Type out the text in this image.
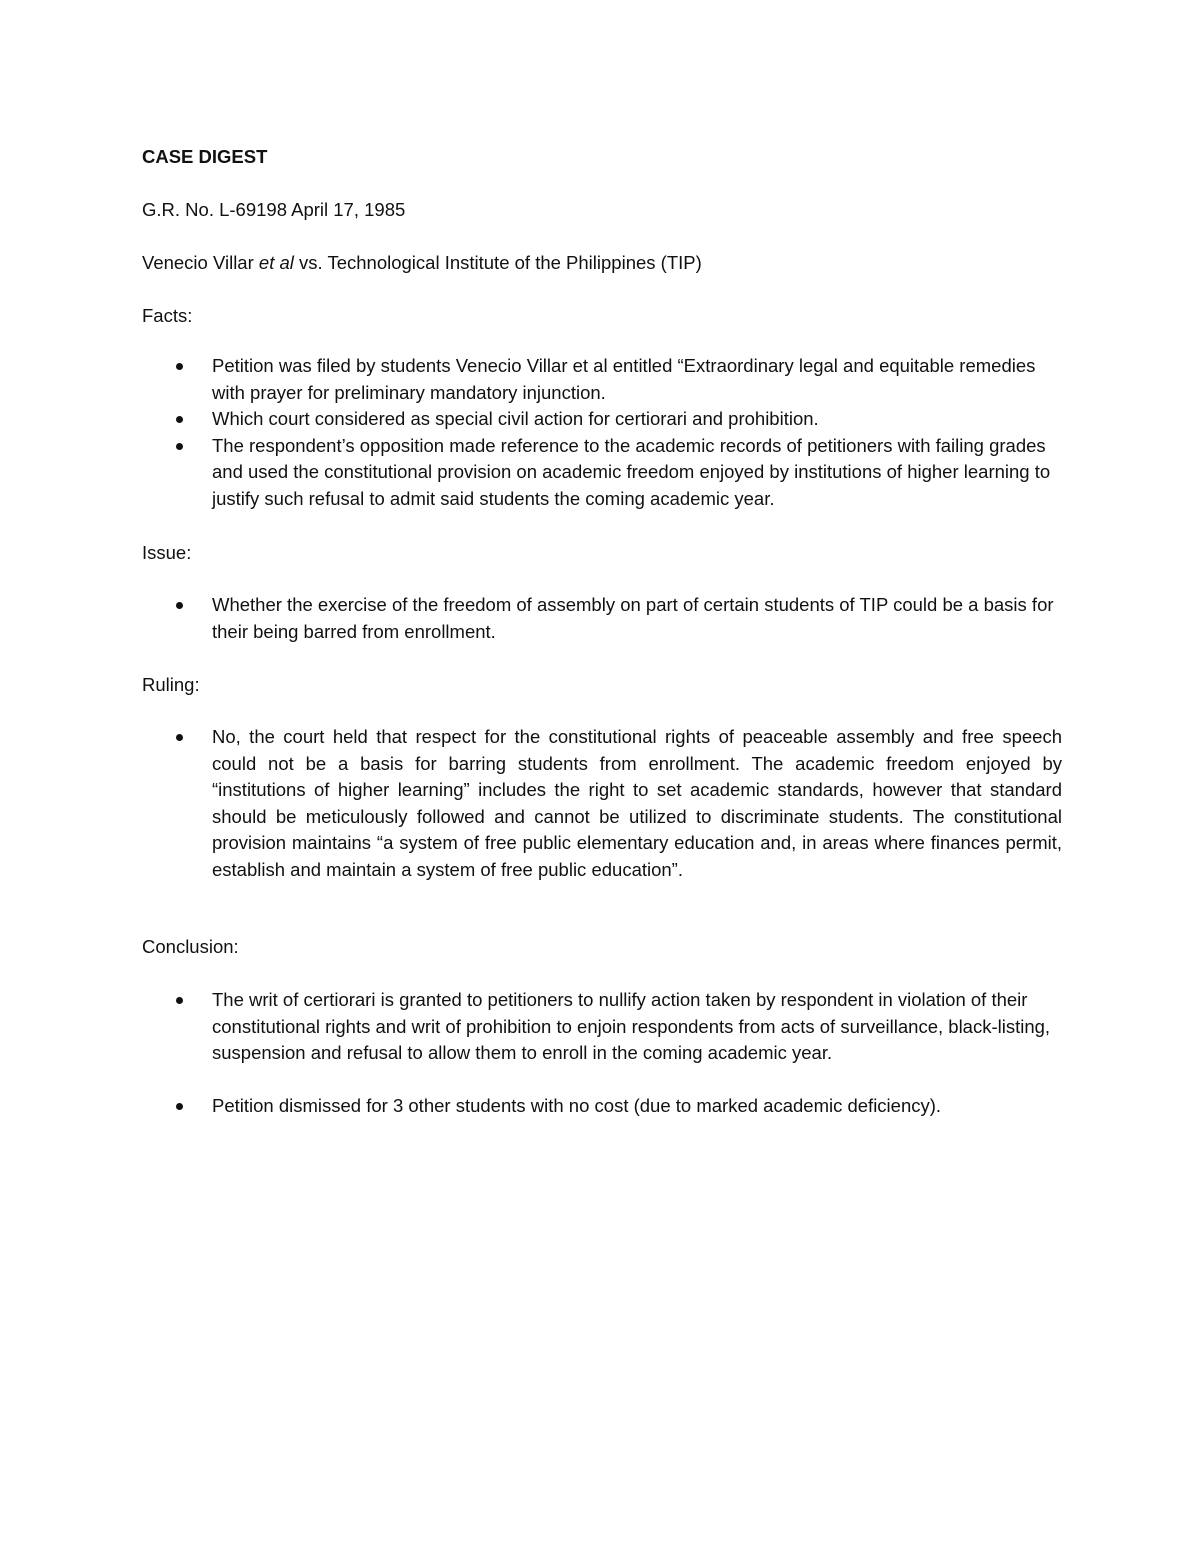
CASE DIGEST

G.R. No. L-69198 April 17, 1985
Venecio Villar et al vs. Technological Institute of the Philippines (TIP)
Facts:
Petition was filed by students Venecio Villar et al entitled “Extraordinary legal and equitable remedies with prayer for preliminary mandatory injunction.
Which court considered as special civil action for certiorari and prohibition.
The respondent’s opposition made reference to the academic records of petitioners with failing grades and used the constitutional provision on academic freedom enjoyed by institutions of higher learning to justify such refusal to admit said students the coming academic year.
Issue:
Whether the exercise of the freedom of assembly on part of certain students of TIP could be a basis for their being barred from enrollment.
Ruling:
No, the court held that respect for the constitutional rights of peaceable assembly and free speech could not be a basis for barring students from enrollment. The academic freedom enjoyed by “institutions of higher learning” includes the right to set academic standards, however that standard should be meticulously followed and cannot be utilized to discriminate students. The constitutional provision maintains “a system of free public elementary education and, in areas where finances permit, establish and maintain a system of free public education”.
Conclusion:
The writ of certiorari is granted to petitioners to nullify action taken by respondent in violation of their constitutional rights and writ of prohibition to enjoin respondents from acts of surveillance, black-listing, suspension and refusal to allow them to enroll in the coming academic year.
Petition dismissed for 3 other students with no cost (due to marked academic deficiency).
